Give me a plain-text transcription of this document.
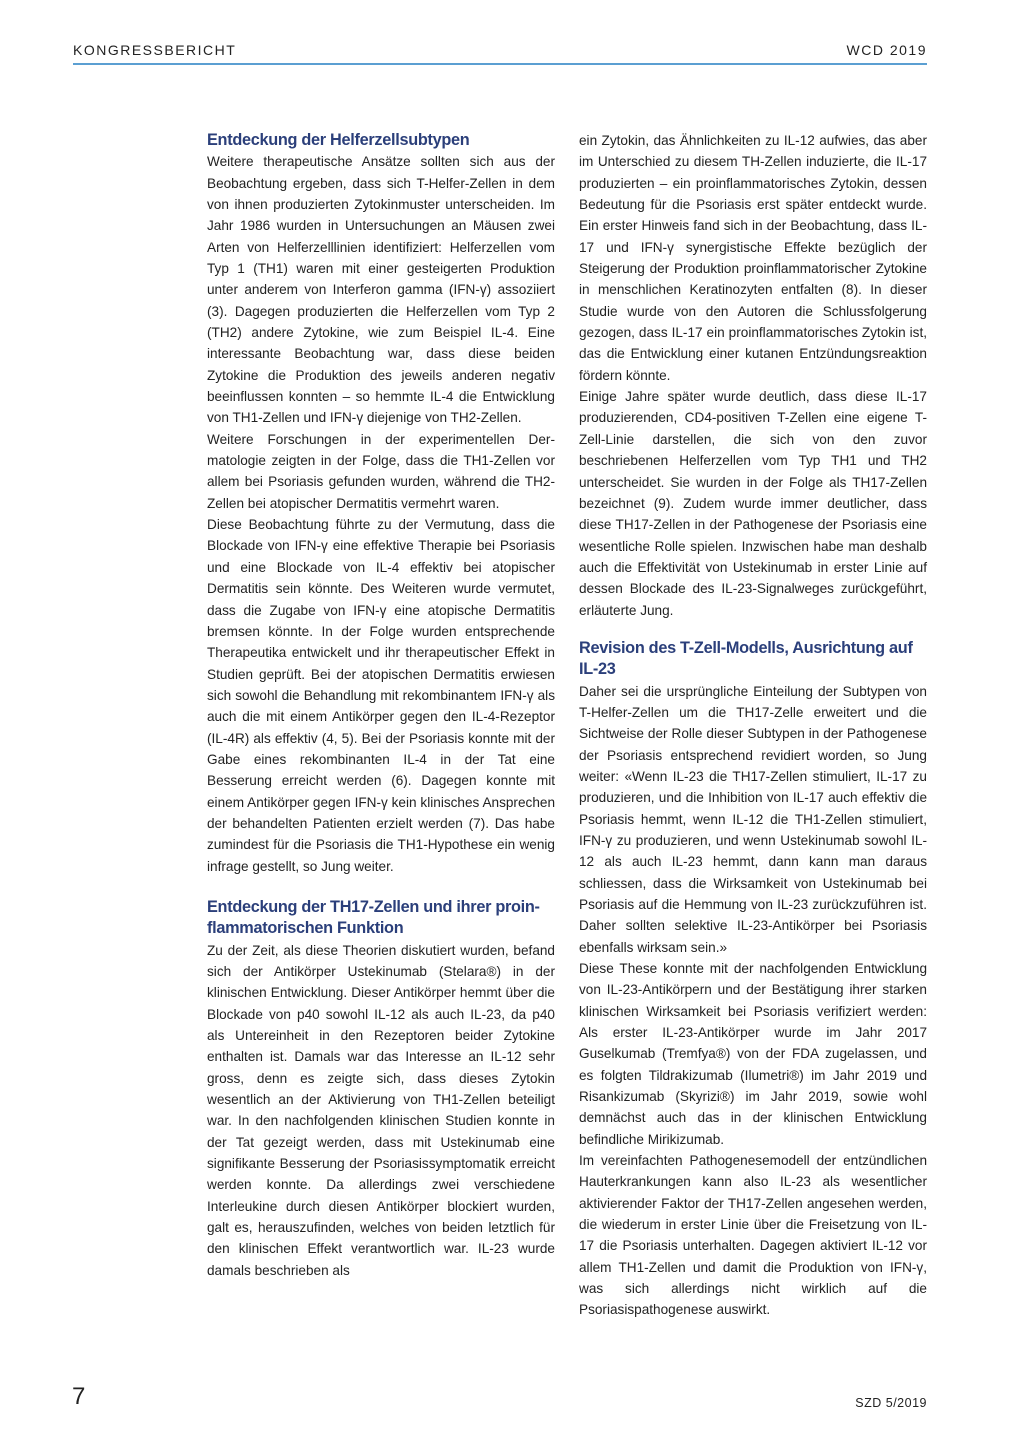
KONGRESSBERICHT	WCD 2019
Entdeckung der Helferzellsubtypen

Weitere therapeutische Ansätze sollten sich aus der Beobachtung ergeben, dass sich T-Helfer-Zellen in dem von ihnen produzierten Zytokinmuster unterscheiden. Im Jahr 1986 wurden in Untersuchungen an Mäusen zwei Arten von Helferzelllinien identifiziert: Helferzellen vom Typ 1 (TH1) waren mit einer gesteigerten Produktion unter anderem von Interferon gamma (IFN-γ) assoziiert (3). Dagegen produzierten die Helferzellen vom Typ 2 (TH2) andere Zytokine, wie zum Beispiel IL-4. Eine interessante Beobachtung war, dass diese beiden Zytokine die Produktion des jeweils anderen negativ beeinflussen konnten – so hemmte IL-4 die Entwicklung von TH1-Zellen und IFN-γ diejenige von TH2-Zellen.

Weitere Forschungen in der experimentellen Dermatologie zeigten in der Folge, dass die TH1-Zellen vor allem bei Psoriasis gefunden wurden, während die TH2-Zellen bei atopischer Dermatitis vermehrt waren.

Diese Beobachtung führte zu der Vermutung, dass die Blockade von IFN-γ eine effektive Therapie bei Psoriasis und eine Blockade von IL-4 effektiv bei atopischer Dermatitis sein könnte. Des Weiteren wurde vermutet, dass die Zugabe von IFN-γ eine atopische Dermatitis bremsen könnte. In der Folge wurden entsprechende Therapeutika entwickelt und ihr therapeutischer Effekt in Studien geprüft. Bei der atopischen Dermatitis erwiesen sich sowohl die Behandlung mit rekombinantem IFN-γ als auch die mit einem Antikörper gegen den IL-4-Rezeptor (IL-4R) als effektiv (4, 5). Bei der Psoriasis konnte mit der Gabe eines rekombinanten IL-4 in der Tat eine Besserung erreicht werden (6). Dagegen konnte mit einem Antikörper gegen IFN-γ kein klinisches Ansprechen der behandelten Patienten erzielt werden (7). Das habe zumindest für die Psoriasis die TH1-Hypothese ein wenig infrage gestellt, so Jung weiter.

Entdeckung der TH17-Zellen und ihrer proinflammatorischen Funktion

Zu der Zeit, als diese Theorien diskutiert wurden, befand sich der Antikörper Ustekinumab (Stelara®) in der klinischen Entwicklung. Dieser Antikörper hemmt über die Blockade von p40 sowohl IL-12 als auch IL-23, da p40 als Untereinheit in den Rezeptoren beider Zytokine enthalten ist. Damals war das Interesse an IL-12 sehr gross, denn es zeigte sich, dass dieses Zytokin wesentlich an der Aktivierung von TH1-Zellen beteiligt war. In den nachfolgenden klinischen Studien konnte in der Tat gezeigt werden, dass mit Ustekinumab eine signifikante Besserung der Psoriasissymptomatik erreicht werden konnte. Da allerdings zwei verschiedene Interleukine durch diesen Antikörper blockiert wurden, galt es, herauszufinden, welches von beiden letztlich für den klinischen Effekt verantwortlich war. IL-23 wurde damals beschrieben als

ein Zytokin, das Ähnlichkeiten zu IL-12 aufwies, das aber im Unterschied zu diesem TH-Zellen induzierte, die IL-17 produzierten – ein proinflammatorisches Zytokin, dessen Bedeutung für die Psoriasis erst später entdeckt wurde. Ein erster Hinweis fand sich in der Beobachtung, dass IL-17 und IFN-γ synergistische Effekte bezüglich der Steigerung der Produktion proinflammatorischer Zytokine in menschlichen Keratinozyten entfalten (8). In dieser Studie wurde von den Autoren die Schlussfolgerung gezogen, dass IL-17 ein proinflammatorisches Zytokin ist, das die Entwicklung einer kutanen Entzündungsreaktion fördern könnte.

Einige Jahre später wurde deutlich, dass diese IL-17 produzierenden, CD4-positiven T-Zellen eine eigene T-Zell-Linie darstellen, die sich von den zuvor beschriebenen Helferzellen vom Typ TH1 und TH2 unterscheidet. Sie wurden in der Folge als TH17-Zellen bezeichnet (9). Zudem wurde immer deutlicher, dass diese TH17-Zellen in der Pathogenese der Psoriasis eine wesentliche Rolle spielen. Inzwischen habe man deshalb auch die Effektivität von Ustekinumab in erster Linie auf dessen Blockade des IL-23-Signalweges zurückgeführt, erläuterte Jung.

Revision des T-Zell-Modells, Ausrichtung auf IL-23

Daher sei die ursprüngliche Einteilung der Subtypen von T-Helfer-Zellen um die TH17-Zelle erweitert und die Sichtweise der Rolle dieser Subtypen in der Pathogenese der Psoriasis entsprechend revidiert worden, so Jung weiter: «Wenn IL-23 die TH17-Zellen stimuliert, IL-17 zu produzieren, und die Inhibition von IL-17 auch effektiv die Psoriasis hemmt, wenn IL-12 die TH1-Zellen stimuliert, IFN-γ zu produzieren, und wenn Ustekinumab sowohl IL-12 als auch IL-23 hemmt, dann kann man daraus schliessen, dass die Wirksamkeit von Ustekinumab bei Psoriasis auf die Hemmung von IL-23 zurückzuführen ist. Daher sollten selektive IL-23-Antikörper bei Psoriasis ebenfalls wirksam sein.»

Diese These konnte mit der nachfolgenden Entwicklung von IL-23-Antikörpern und der Bestätigung ihrer starken klinischen Wirksamkeit bei Psoriasis verifiziert werden: Als erster IL-23-Antikörper wurde im Jahr 2017 Guselkumab (Tremfya®) von der FDA zugelassen, und es folgten Tildrakizumab (Ilumetri®) im Jahr 2019 und Risankizumab (Skyrizi®) im Jahr 2019, sowie wohl demnächst auch das in der klinischen Entwicklung befindliche Mirikizumab.

Im vereinfachten Pathogenesemodell der entzündlichen Hauterkrankungen kann also IL-23 als wesentlicher aktivierender Faktor der TH17-Zellen angesehen werden, die wiederum in erster Linie über die Freisetzung von IL-17 die Psoriasis unterhalten. Dagegen aktiviert IL-12 vor allem TH1-Zellen und damit die Produktion von IFN-γ, was sich allerdings nicht wirklich auf die Psoriasispathogenese auswirkt.

7	SZD 5/2019
